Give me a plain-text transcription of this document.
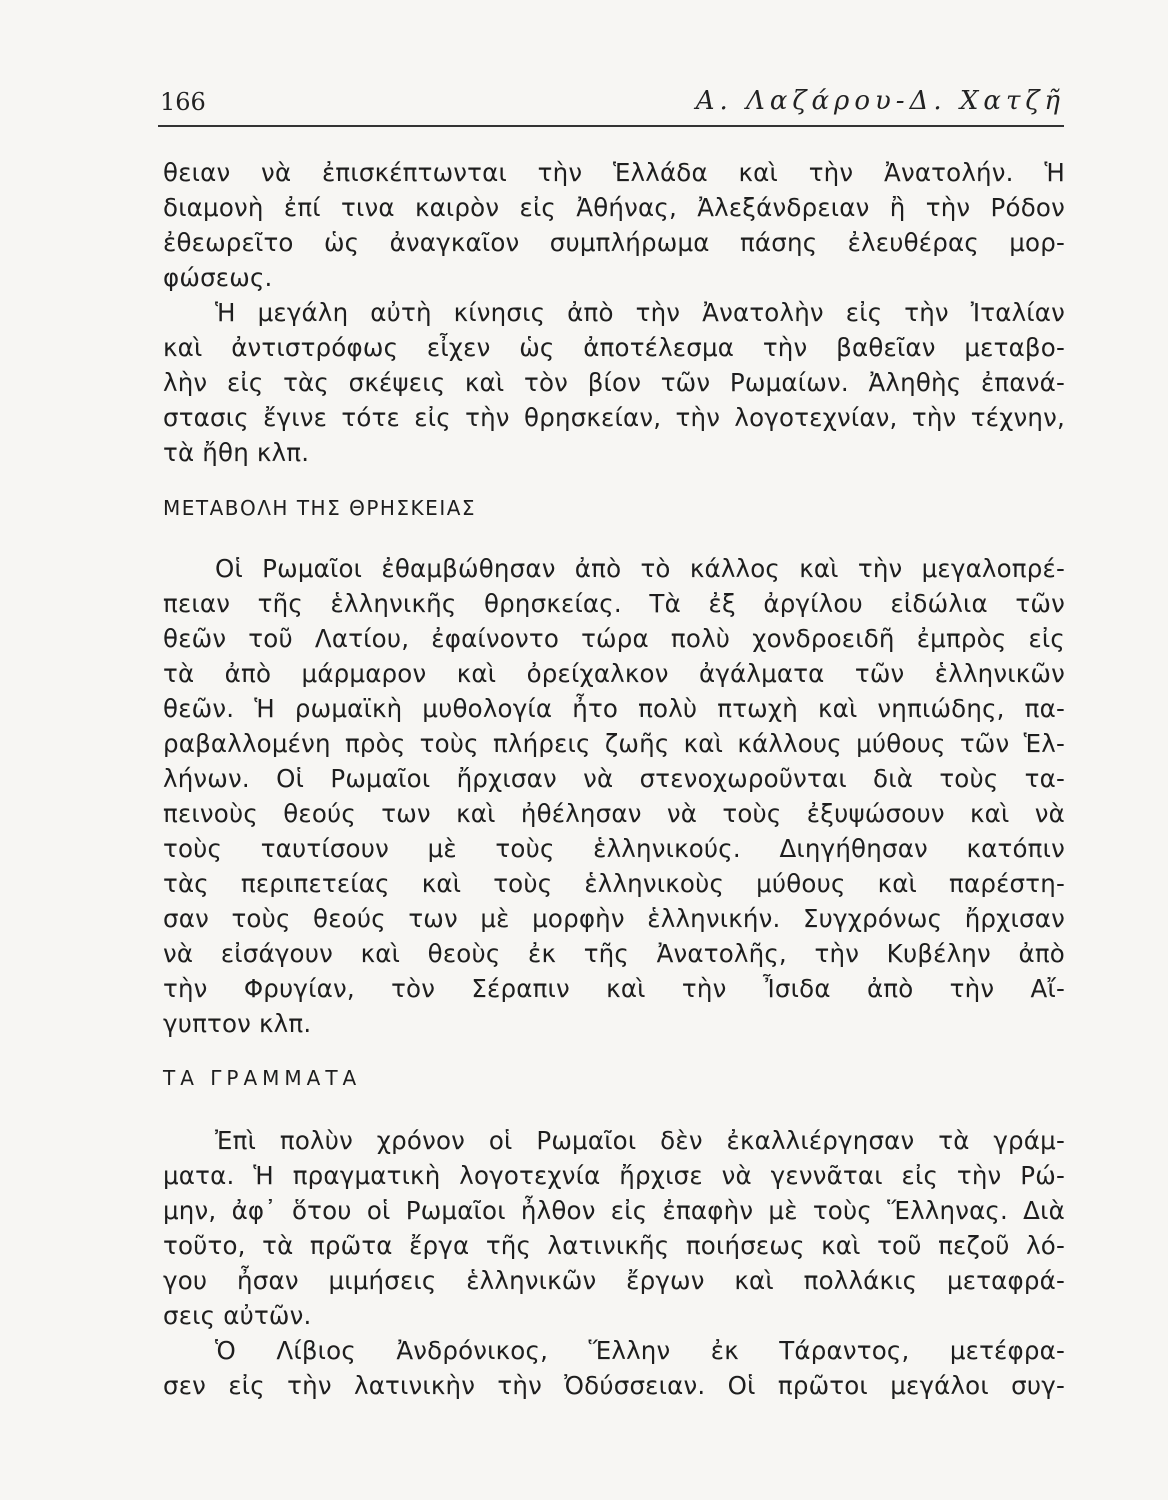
166	Α. Λαζάρου-Δ. Χατζῆ
θειαν νὰ ἐπισκέπτωνται τὴν Ἑλλάδα καὶ τὴν Ἀνατολήν. Ἡ
διαμονὴ ἐπί τινα καιρὸν εἰς Ἀθήνας, Ἀλεξάνδρειαν ἢ τὴν Ρόδον
ἐθεωρεῖτο ὡς ἀναγκαῖον συμπλήρωμα πάσης ἐλευθέρας μορ-
φώσεως.
Ἡ μεγάλη αὐτὴ κίνησις ἀπὸ τὴν Ἀνατολὴν εἰς τὴν Ἰταλίαν
καὶ ἀντιστρόφως εἶχεν ὡς ἀποτέλεσμα τὴν βαθεῖαν μεταβο-
λὴν εἰς τὰς σκέψεις καὶ τὸν βίον τῶν Ρωμαίων. Ἀληθὴς ἐπανά-
στασις ἔγινε τότε εἰς τὴν θρησκείαν, τὴν λογοτεχνίαν, τὴν τέχνην,
τὰ ἤθη κλπ.
ΜΕΤΑΒΟΛΗ ΤΗΣ ΘΡΗΣΚΕΙΑΣ
Οἱ Ρωμαῖοι ἐθαμβώθησαν ἀπὸ τὸ κάλλος καὶ τὴν μεγαλοπρέ-
πειαν τῆς ἑλληνικῆς θρησκείας. Τὰ ἐξ ἀργίλου εἰδώλια τῶν
θεῶν τοῦ Λατίου, ἐφαίνοντο τώρα πολὺ χονδροειδῆ ἐμπρὸς εἰς
τὰ ἀπὸ μάρμαρον καὶ ὀρείχαλκον ἀγάλματα τῶν ἑλληνικῶν
θεῶν. Ἡ ρωμαϊκὴ μυθολογία ἦτο πολὺ πτωχὴ καὶ νηπιώδης, πα-
ραβαλλομένη πρὸς τοὺς πλήρεις ζωῆς καὶ κάλλους μύθους τῶν Ἑλ-
λήνων. Οἱ Ρωμαῖοι ἤρχισαν νὰ στενοχωροῦνται διὰ τοὺς τα-
πεινοὺς θεούς των καὶ ἠθέλησαν νὰ τοὺς ἐξυψώσουν καὶ νὰ
τοὺς ταυτίσουν μὲ τοὺς ἑλληνικούς. Διηγήθησαν κατόπιν
τὰς περιπετείας καὶ τοὺς ἑλληνικοὺς μύθους καὶ παρέστη-
σαν τοὺς θεούς των μὲ μορφὴν ἑλληνικήν. Συγχρόνως ἤρχισαν
νὰ εἰσάγουν καὶ θεοὺς ἐκ τῆς Ἀνατολῆς, τὴν Κυβέλην ἀπὸ
τὴν Φρυγίαν, τὸν Σέραπιν καὶ τὴν Ἶσιδα ἀπὸ τὴν Αἴ-
γυπτον κλπ.
ΤΑ ΓΡΑΜΜΑΤΑ
Ἐπὶ πολὺν χρόνον οἱ Ρωμαῖοι δὲν ἐκαλλιέργησαν τὰ γράμ-
ματα. Ἡ πραγματικὴ λογοτεχνία ἤρχισε νὰ γεννᾶται εἰς τὴν Ρώ-
μην, ἀφ᾿ ὅτου οἱ Ρωμαῖοι ἦλθον εἰς ἐπαφὴν μὲ τοὺς Ἕλληνας. Διὰ
τοῦτο, τὰ πρῶτα ἔργα τῆς λατινικῆς ποιήσεως καὶ τοῦ πεζοῦ λό-
γου ἦσαν μιμήσεις ἑλληνικῶν ἔργων καὶ πολλάκις μεταφρά-
σεις αὐτῶν.
Ὁ Λίβιος Ἀνδρόνικος, Ἕλλην ἐκ Τάραντος, μετέφρα-
σεν εἰς τὴν λατινικὴν τὴν Ὀδύσσειαν. Οἱ πρῶτοι μεγάλοι συγ-
